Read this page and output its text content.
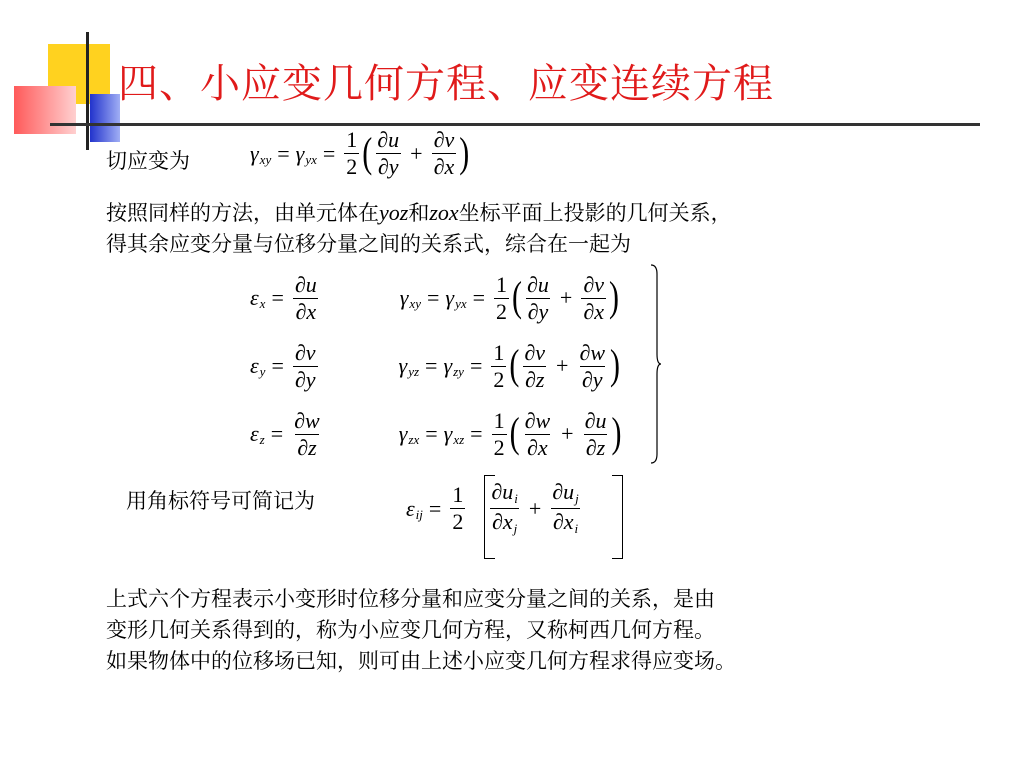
四、小应变几何方程、应变连续方程
切应变为	γ xy = γ yx = $\frac{1}{2}$ ( $\frac{\partial u}{\partial y} + \frac{\partial v}{\partial x}$ )
按照同样的方法，由单元体在yoz和zox坐标平面上投影的几何关系，
得其余应变分量与位移分量之间的关系式，综合在一起为
ε $x = \frac{\partial u}{\partial x}$	γ xy = γ yx = $\frac{1}{2}$ ( $\frac{\partial u}{\partial y} + \frac{\partial v}{\partial x}$ )
ε $y = \frac{\partial v}{\partial y}$	γ yz = γ zy = $\frac{1}{2}$ ( $\frac{\partial v}{\partial z} + \frac{\partial w}{\partial y}$ )
ε $z = \frac{\partial w}{\partial z}$	γ zx = γ xz = $\frac{1}{2}$ ( $\frac{\partial w}{\partial x} + \frac{\partial u}{\partial z}$ )
用角标符号可简记为	ε ij = $\frac{1}{2} \frac{\partial ui}{\partial xj} + \frac{\partial uj}{\partial xi}$
上式六个方程表示小变形时位移分量和应变分量之间的关系，是由
变形几何关系得到的，称为小应变几何方程，又称柯西几何方程。
如果物体中的位移场已知，则可由上述小应变几何方程求得应变场。
